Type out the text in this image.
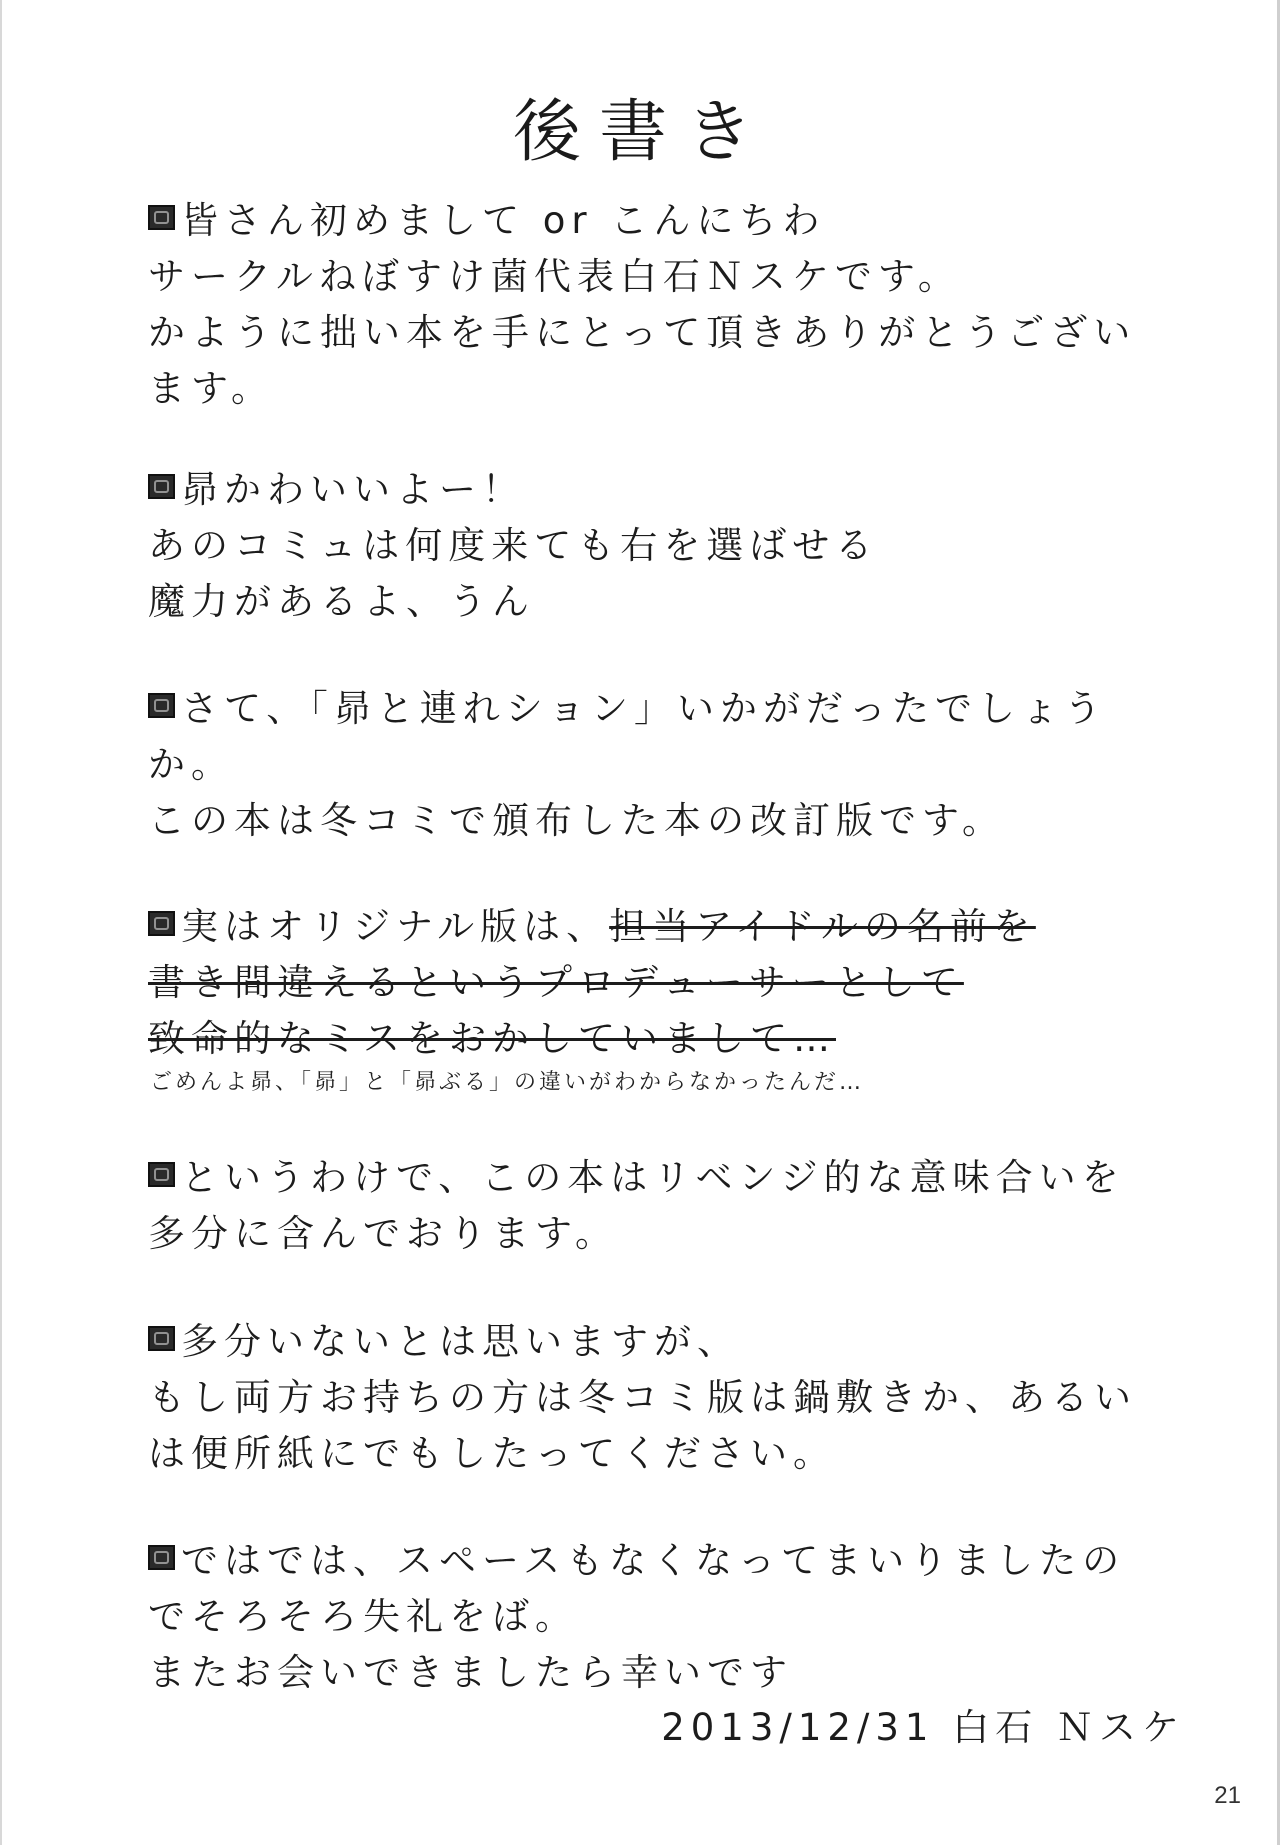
後書き
皆さん初めまして or こんにちわ
サークルねぼすけ菌代表白石Ｎスケです。
かように拙い本を手にとって頂きありがとうござい
ます。
昴かわいいよー！
あのコミュは何度来ても右を選ばせる
魔力があるよ、うん
さて、「昴と連れション」いかがだったでしょう
か。
この本は冬コミで頒布した本の改訂版です。
実はオリジナル版は、担当アイドルの名前を
書き間違えるというプロデューサーとして
致命的なミスをおかしていまして…
ごめんよ昴、「昴」と「昴ぶる」の違いがわからなかったんだ…
というわけで、この本はリベンジ的な意味合いを
多分に含んでおります。
多分いないとは思いますが、
もし両方お持ちの方は冬コミ版は鍋敷きか、あるい
は便所紙にでもしたってください。
ではでは、スペースもなくなってまいりましたの
でそろそろ失礼をば。
またお会いできましたら幸いです
2013/12/31 白石 Ｎスケ
21
